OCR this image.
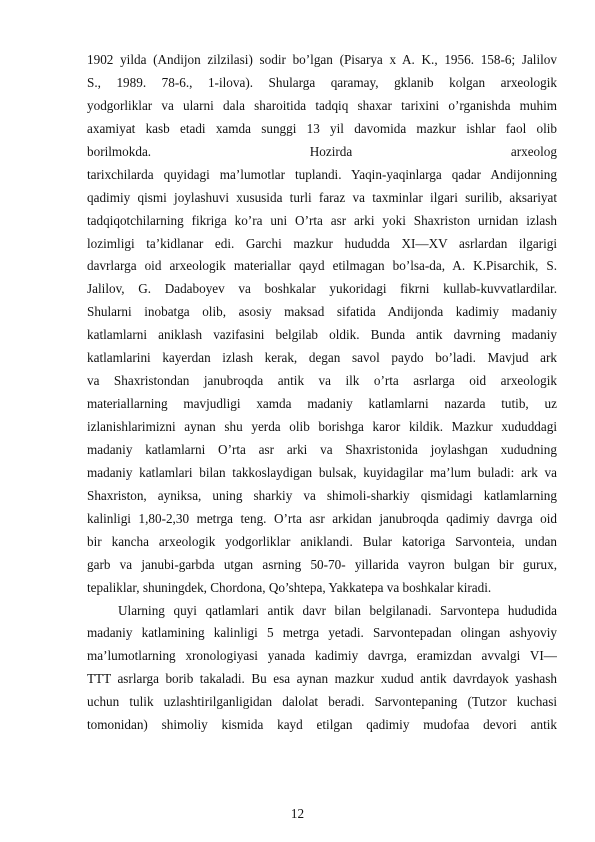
1902 yilda (Andijon zilzilasi) sodir bo’lgan (Pisarya x A. K., 1956. 158-6; Jalilov
S., 1989. 78-6., 1-ilova). Shularga qaramay, gklanib kolgan arxeologik
yodgorliklar va ularni dala sharoitida tadqiq shaxar tarixini o’rganishda muhim
axamiyat kasb etadi xamda sunggi 13 yil davomida mazkur ishlar faol olib
borilmokda. Hozirda arxeolog
tarixchilarda quyidagi ma’lumotlar tuplandi. Yaqin-yaqinlarga qadar Andijonning
qadimiy qismi joylashuvi xususida turli faraz va taxminlar ilgari surilib, aksariyat
tadqiqotchilarning fikriga ko’ra uni O’rta asr arki yoki Shaxriston urnidan izlash
lozimligi ta’kidlanar edi. Garchi mazkur hududda XI—XV asrlardan ilgarigi
davrlarga oid arxeologik materiallar qayd etilmagan bo’lsa-da, A. K.Pisarchik, S.
Jalilov, G. Dadaboyev va boshkalar yukoridagi fikrni kullab-kuvvatlardilar.
Shularni inobatga olib, asosiy maksad sifatida Andijonda kadimiy madaniy
katlamlarni aniklash vazifasini belgilab oldik. Bunda antik davrning madaniy
katlamlarini kayerdan izlash kerak, degan savol paydo bo’ladi. Mavjud ark
va Shaxristondan janubroqda antik va ilk o’rta asrlarga oid arxeologik
materiallarning mavjudligi xamda madaniy katlamlarni nazarda tutib, uz
izlanishlarimizni aynan shu yerda olib borishga karor kildik. Mazkur xududdagi
madaniy katlamlarni O’rta asr arki va Shaxristonida joylashgan xududning
madaniy katlamlari bilan takkoslaydigan bulsak, kuyidagilar ma’lum buladi: ark va
Shaxriston, ayniksa, uning sharkiy va shimoli-sharkiy qismidagi katlamlarning
kalinligi 1,80-2,30 metrga teng. O’rta asr arkidan janubroqda qadimiy davrga oid
bir kancha arxeologik yodgorliklar aniklandi. Bular katoriga Sarvonteia, undan
garb va janubi-garbda utgan asrning 50-70- yillarida vayron bulgan bir gurux,
tepaliklar, shuningdek, Chordona, Qo’shtepa, Yakkatepa va boshkalar kiradi.
Ularning quyi qatlamlari antik davr bilan belgilanadi. Sarvontepa hududida
madaniy katlamining kalinligi 5 metrga yetadi. Sarvontepadan olingan ashyoviy
ma’lumotlarning xronologiyasi yanada kadimiy davrga, eramizdan avvalgi VI—
TTT asrlarga borib takaladi. Bu esa aynan mazkur xudud antik davrdayok yashash
uchun tulik uzlashtirilganligidan dalolat beradi. Sarvontepaning (Tutzor kuchasi
tomonidan) shimoliy kismida kayd etilgan qadimiy mudofaa devori antik
12
